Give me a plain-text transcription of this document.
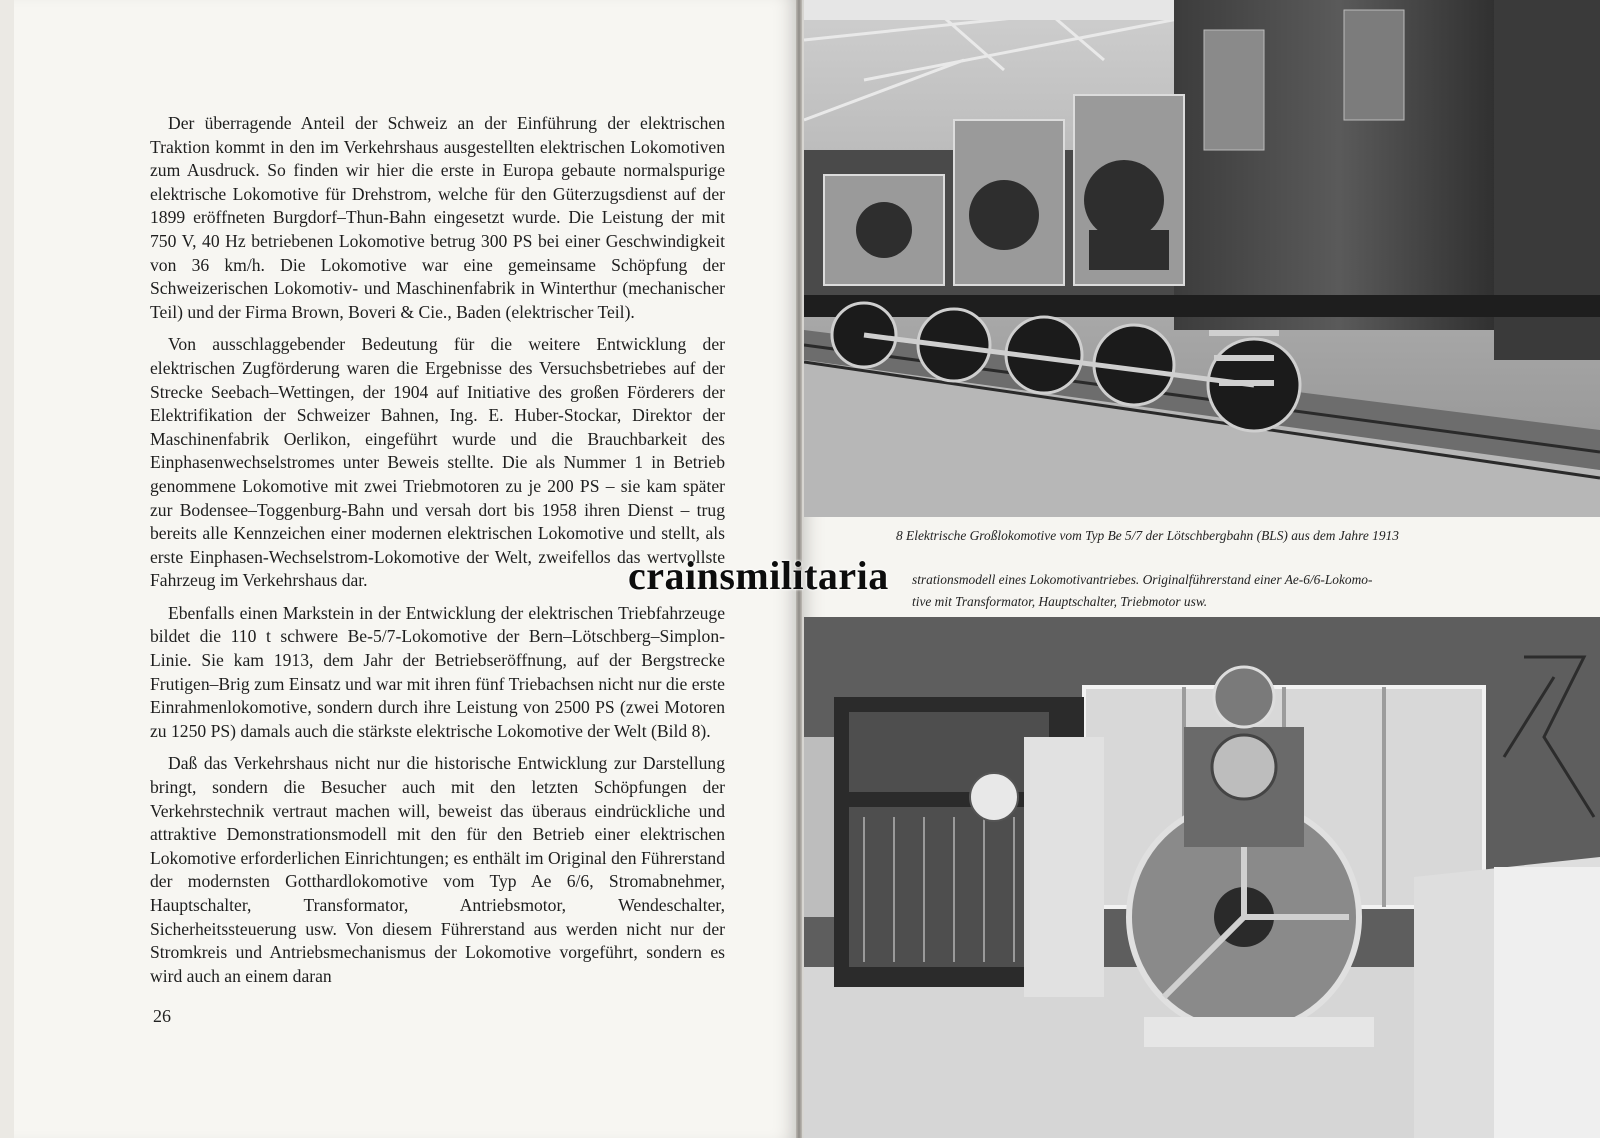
Der überragende Anteil der Schweiz an der Einführung der elektrischen Traktion kommt in den im Verkehrshaus ausgestellten elektrischen Lokomotiven zum Ausdruck. So finden wir hier die erste in Europa gebaute normalspurige elektrische Lokomotive für Drehstrom, welche für den Güterzugsdienst auf der 1899 eröffneten Burgdorf–Thun-Bahn eingesetzt wurde. Die Leistung der mit 750 V, 40 Hz betriebenen Lokomotive betrug 300 PS bei einer Geschwindigkeit von 36 km/h. Die Lokomotive war eine gemeinsame Schöpfung der Schweizerischen Lokomotiv- und Maschinenfabrik in Winterthur (mechanischer Teil) und der Firma Brown, Boveri & Cie., Baden (elektrischer Teil).

Von ausschlaggebender Bedeutung für die weitere Entwicklung der elektrischen Zugförderung waren die Ergebnisse des Versuchsbetriebes auf der Strecke Seebach–Wettingen, der 1904 auf Initiative des großen Förderers der Elektrifikation der Schweizer Bahnen, Ing. E. Huber-Stockar, Direktor der Maschinenfabrik Oerlikon, eingeführt wurde und die Brauchbarkeit des Einphasenwechselstromes unter Beweis stellte. Die als Nummer 1 in Betrieb genommene Lokomotive mit zwei Triebmotoren zu je 200 PS – sie kam später zur Bodensee–Toggenburg-Bahn und versah dort bis 1958 ihren Dienst – trug bereits alle Kennzeichen einer modernen elektrischen Lokomotive und stellt, als erste Einphasen-Wechselstrom-Lokomotive der Welt, zweifellos das wertvollste Fahrzeug im Verkehrshaus dar.

Ebenfalls einen Markstein in der Entwicklung der elektrischen Triebfahrzeuge bildet die 110 t schwere Be-5/7-Lokomotive der Bern–Lötschberg–Simplon-Linie. Sie kam 1913, dem Jahr der Betriebseröffnung, auf der Bergstrecke Frutigen–Brig zum Einsatz und war mit ihren fünf Triebachsen nicht nur die erste Einrahmenlokomotive, sondern durch ihre Leistung von 2500 PS (zwei Motoren zu 1250 PS) damals auch die stärkste elektrische Lokomotive der Welt (Bild 8).

Daß das Verkehrshaus nicht nur die historische Entwicklung zur Darstellung bringt, sondern die Besucher auch mit den letzten Schöpfungen der Verkehrstechnik vertraut machen will, beweist das überaus eindrückliche und attraktive Demonstrationsmodell mit den für den Betrieb einer elektrischen Lokomotive erforderlichen Einrichtungen; es enthält im Original den Führerstand der modernsten Gotthardlokomotive vom Typ Ae 6/6, Stromabnehmer, Hauptschalter, Transformator, Antriebsmotor, Wendeschalter, Sicherheitssteuerung usw. Von diesem Führerstand aus werden nicht nur der Stromkreis und Antriebsmechanismus der Lokomotive vorgeführt, sondern es wird auch an einem daran

26
8 Elektrische Großlokomotive vom Typ Be 5/7 der Lötschbergbahn (BLS) aus dem Jahre 1913
strationsmodell eines Lokomotivantriebes. Originalführerstand einer Ae-6/6-Lokomo-
tive mit Transformator, Hauptschalter, Triebmotor usw.
crainsmilitaria
